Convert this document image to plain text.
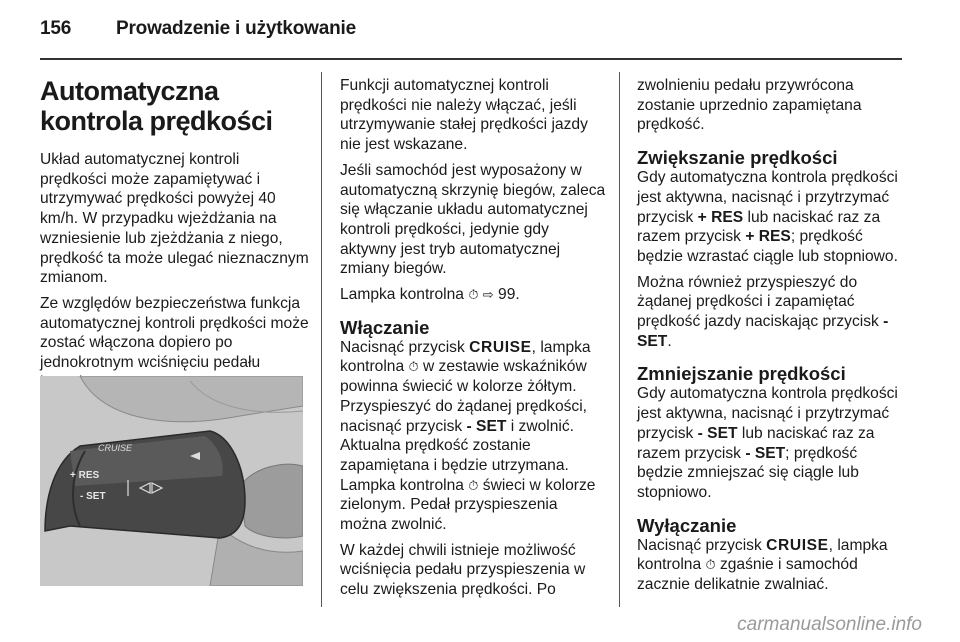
156 Prowadzenie i użytkowanie
Automatyczna kontrola prędkości

Układ automatycznej kontroli prędkości może zapamiętywać i utrzymywać prędkości powyżej 40 km/h. W przypadku wjeżdżania na wzniesienie lub zjeżdżania z niego, prędkość ta może ulegać nieznacznym zmianom.

Ze względów bezpieczeństwa funkcja automatycznej kontroli prędkości może zostać włączona dopiero po jednokrotnym wciśnięciu pedału

CRUISE
+ RES
- SET

Funkcji automatycznej kontroli prędkości nie należy włączać, jeśli utrzymywanie stałej prędkości jazdy nie jest wskazane.

Jeśli samochód jest wyposażony w automatyczną skrzynię biegów, zaleca się włączanie układu automatycznej kontroli prędkości, jedynie gdy aktywny jest tryb automatycznej zmiany biegów.

Lampka kontrolna ⏱ ⇨ 99.

Włączanie

Nacisnąć przycisk CRUISE, lampka kontrolna ⏱ w zestawie wskaźników powinna świecić w kolorze żółtym. Przyspieszyć do żądanej prędkości, nacisnąć przycisk - SET i zwolnić. Aktualna prędkość zostanie zapamiętana i będzie utrzymana. Lampka kontrolna ⏱ świeci w kolorze zielonym. Pedał przyspieszenia można zwolnić.

W każdej chwili istnieje możliwość wciśnięcia pedału przyspieszenia w celu zwiększenia prędkości. Po

zwolnieniu pedału przywrócona zostanie uprzednio zapamiętana prędkość.

Zwiększanie prędkości

Gdy automatyczna kontrola prędkości jest aktywna, nacisnąć i przytrzymać przycisk + RES lub naciskać raz za razem przycisk + RES; prędkość będzie wzrastać ciągle lub stopniowo.

Można również przyspieszyć do żądanej prędkości i zapamiętać prędkość jazdy naciskając przycisk - SET.

Zmniejszanie prędkości

Gdy automatyczna kontrola prędkości jest aktywna, nacisnąć i przytrzymać przycisk - SET lub naciskać raz za razem przycisk - SET; prędkość będzie zmniejszać się ciągle lub stopniowo.

Wyłączanie

Nacisnąć przycisk CRUISE, lampka kontrolna ⏱ zgaśnie i samochód zacznie delikatnie zwalniać.

carmanualsonline.info
